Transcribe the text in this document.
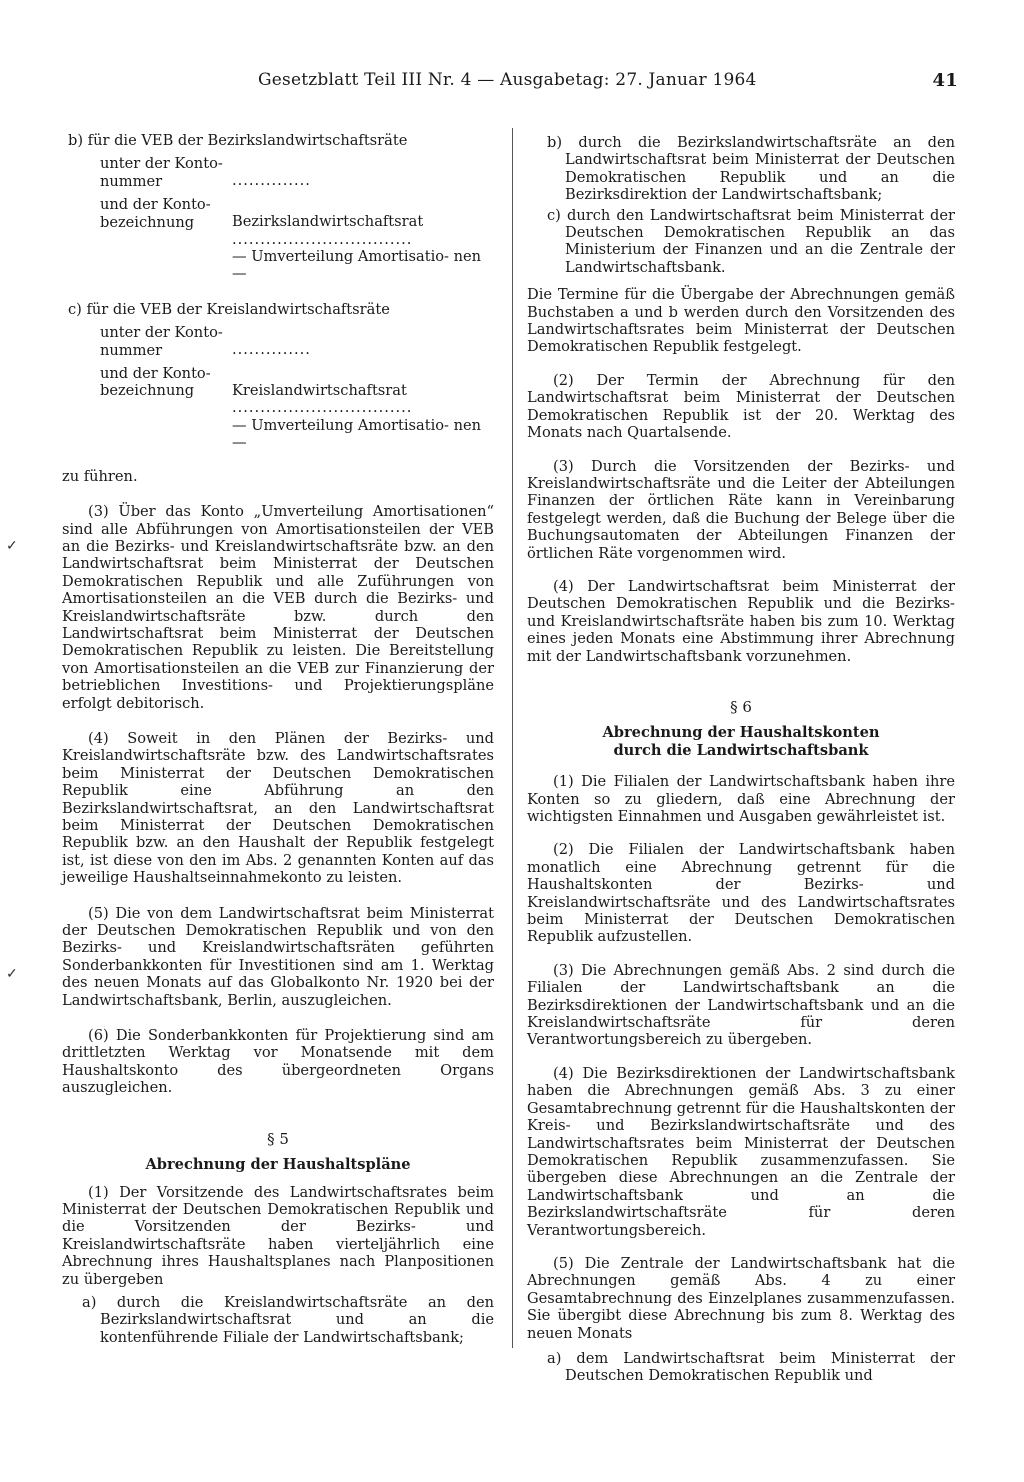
Gesetzblatt Teil III Nr. 4 — Ausgabetag: 27. Januar 1964	41
✓
✓

b) für die VEB der Bezirkslandwirtschaftsräte

unter der Konto- nummer	..............
und der Konto- bezeichnung	Bezirkslandwirtschaftsrat
................................
— Umverteilung Amortisatio- nen —

c) für die VEB der Kreislandwirtschaftsräte

unter der Konto- nummer	..............
und der Konto- bezeichnung	Kreislandwirtschaftsrat
................................
— Umverteilung Amortisatio- nen —

zu führen.

(3) Über das Konto „Umverteilung Amortisationen“ sind alle Abführungen von Amortisationsteilen der VEB an die Bezirks- und Kreislandwirtschaftsräte bzw. an den Landwirtschaftsrat beim Ministerrat der Deutschen Demokratischen Republik und alle Zuführungen von Amortisationsteilen an die VEB durch die Bezirks- und Kreislandwirtschaftsräte bzw. durch den Landwirtschaftsrat beim Ministerrat der Deutschen Demokratischen Republik zu leisten. Die Bereitstellung von Amortisationsteilen an die VEB zur Finanzierung der betrieblichen Investitions- und Projektierungspläne erfolgt debitorisch.

(4) Soweit in den Plänen der Bezirks- und Kreislandwirtschaftsräte bzw. des Landwirtschaftsrates beim Ministerrat der Deutschen Demokratischen Republik eine Abführung an den Bezirkslandwirtschaftsrat, an den Landwirtschaftsrat beim Ministerrat der Deutschen Demokratischen Republik bzw. an den Haushalt der Republik festgelegt ist, ist diese von den im Abs. 2 genannten Konten auf das jeweilige Haushaltseinnahmekonto zu leisten.

(5) Die von dem Landwirtschaftsrat beim Ministerrat der Deutschen Demokratischen Republik und von den Bezirks- und Kreislandwirtschaftsräten geführten Sonderbankkonten für Investitionen sind am 1. Werktag des neuen Monats auf das Globalkonto Nr. 1920 bei der Landwirtschaftsbank, Berlin, auszugleichen.

(6) Die Sonderbankkonten für Projektierung sind am drittletzten Werktag vor Monatsende mit dem Haushaltskonto des übergeordneten Organs auszugleichen.

§ 5
Abrechnung der Haushaltspläne

(1) Der Vorsitzende des Landwirtschaftsrates beim Ministerrat der Deutschen Demokratischen Republik und die Vorsitzenden der Bezirks- und Kreislandwirtschaftsräte haben vierteljährlich eine Abrechnung ihres Haushaltsplanes nach Planpositionen zu übergeben

a) durch die Kreislandwirtschaftsräte an den Bezirkslandwirtschaftsrat und an die kontenführende Filiale der Landwirtschaftsbank;

b) durch die Bezirkslandwirtschaftsräte an den Landwirtschaftsrat beim Ministerrat der Deutschen Demokratischen Republik und an die Bezirksdirektion der Landwirtschaftsbank;

c) durch den Landwirtschaftsrat beim Ministerrat der Deutschen Demokratischen Republik an das Ministerium der Finanzen und an die Zentrale der Landwirtschaftsbank.

Die Termine für die Übergabe der Abrechnungen gemäß Buchstaben a und b werden durch den Vorsitzenden des Landwirtschaftsrates beim Ministerrat der Deutschen Demokratischen Republik festgelegt.

(2) Der Termin der Abrechnung für den Landwirtschaftsrat beim Ministerrat der Deutschen Demokratischen Republik ist der 20. Werktag des Monats nach Quartalsende.

(3) Durch die Vorsitzenden der Bezirks- und Kreislandwirtschaftsräte und die Leiter der Abteilungen Finanzen der örtlichen Räte kann in Vereinbarung festgelegt werden, daß die Buchung der Belege über die Buchungsautomaten der Abteilungen Finanzen der örtlichen Räte vorgenommen wird.

(4) Der Landwirtschaftsrat beim Ministerrat der Deutschen Demokratischen Republik und die Bezirks- und Kreislandwirtschaftsräte haben bis zum 10. Werktag eines jeden Monats eine Abstimmung ihrer Abrechnung mit der Landwirtschaftsbank vorzunehmen.

§ 6
Abrechnung der Haushaltskonten
durch die Landwirtschaftsbank

(1) Die Filialen der Landwirtschaftsbank haben ihre Konten so zu gliedern, daß eine Abrechnung der wichtigsten Einnahmen und Ausgaben gewährleistet ist.

(2) Die Filialen der Landwirtschaftsbank haben monatlich eine Abrechnung getrennt für die Haushaltskonten der Bezirks- und Kreislandwirtschaftsräte und des Landwirtschaftsrates beim Ministerrat der Deutschen Demokratischen Republik aufzustellen.

(3) Die Abrechnungen gemäß Abs. 2 sind durch die Filialen der Landwirtschaftsbank an die Bezirksdirektionen der Landwirtschaftsbank und an die Kreislandwirtschaftsräte für deren Verantwortungsbereich zu übergeben.

(4) Die Bezirksdirektionen der Landwirtschaftsbank haben die Abrechnungen gemäß Abs. 3 zu einer Gesamtabrechnung getrennt für die Haushaltskonten der Kreis- und Bezirkslandwirtschaftsräte und des Landwirtschaftsrates beim Ministerrat der Deutschen Demokratischen Republik zusammenzufassen. Sie übergeben diese Abrechnungen an die Zentrale der Landwirtschaftsbank und an die Bezirkslandwirtschaftsräte für deren Verantwortungsbereich.

(5) Die Zentrale der Landwirtschaftsbank hat die Abrechnungen gemäß Abs. 4 zu einer Gesamtabrechnung des Einzelplanes zusammenzufassen. Sie übergibt diese Abrechnung bis zum 8. Werktag des neuen Monats

a) dem Landwirtschaftsrat beim Ministerrat der Deutschen Demokratischen Republik und
